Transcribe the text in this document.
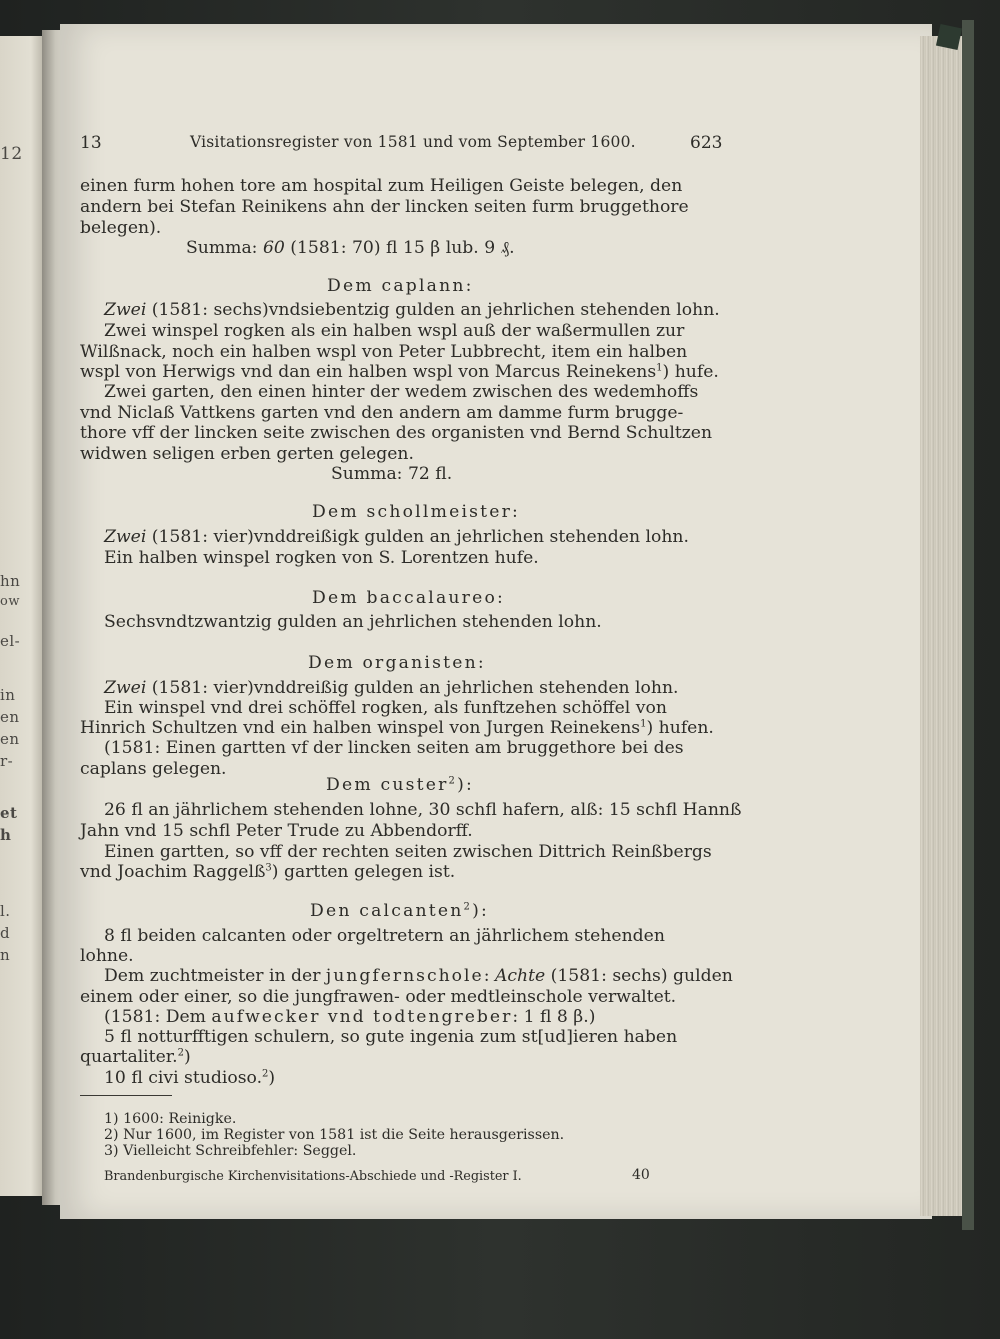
12
hn
ow
el-
in
en
en
r-
et
h
l.
d
n
13	Visitationsregister von 1581 und vom September 1600.	623
einen furm hohen tore am hospital zum Heiligen Geiste belegen, den
andern bei Stefan Reinikens ahn der lincken seiten furm bruggethore
belegen).
Summa: 60 (1581: 70) fl 15 β lub. 9 ₰.
Dem caplann:
Zwei (1581: sechs)vndsiebentzig gulden an jehrlichen stehenden lohn.
Zwei winspel rogken als ein halben wspl auß der waßermullen zur
Wilßnack, noch ein halben wspl von Peter Lubbrecht, item ein halben
wspl von Herwigs vnd dan ein halben wspl von Marcus Reinekens$^1$) hufe.
Zwei garten, den einen hinter der wedem zwischen des wedemhoffs
vnd Niclaß Vattkens garten vnd den andern am damme furm brugge-
thore vff der lincken seite zwischen des organisten vnd Bernd Schultzen
widwen seligen erben gerten gelegen.
Summa: 72 fl.
Dem schollmeister:
Zwei (1581: vier)vnddreißigk gulden an jehrlichen stehenden lohn.
Ein halben winspel rogken von S. Lorentzen hufe.
Dem baccalaureo:
Sechsvndtzwantzig gulden an jehrlichen stehenden lohn.
Dem organisten:
Zwei (1581: vier)vnddreißig gulden an jehrlichen stehenden lohn.
Ein winspel vnd drei schöffel rogken, als funftzehen schöffel von
Hinrich Schultzen vnd ein halben winspel von Jurgen Reinekens$^1$) hufen.
(1581: Einen gartten vf der lincken seiten am bruggethore bei des
caplans gelegen.
Dem custer$^2$):
26 fl an jährlichem stehenden lohne, 30 schfl hafern, alß: 15 schfl Hannß
Jahn vnd 15 schfl Peter Trude zu Abbendorff.
Einen gartten, so vff der rechten seiten zwischen Dittrich Reinßbergs
vnd Joachim Raggelß$^3$) gartten gelegen ist.
Den calcanten$^2$):
8 fl beiden calcanten oder orgeltretern an jährlichem stehenden
lohne.
Dem zuchtmeister in der jungfernschole: Achte (1581: sechs) gulden
einem oder einer, so die jungfrawen- oder medtleinschole verwaltet.
(1581: Dem aufwecker vnd todtengreber: 1 fl 8 β.)
5 fl notturfftigen schulern, so gute ingenia zum st[ud]ieren haben
quartaliter.$^2$)
10 fl civi studioso.$^2$)
1) 1600: Reinigke.
2) Nur 1600, im Register von 1581 ist die Seite herausgerissen.
3) Vielleicht Schreibfehler: Seggel.
Brandenburgische Kirchenvisitations-Abschiede und -Register I.	40
